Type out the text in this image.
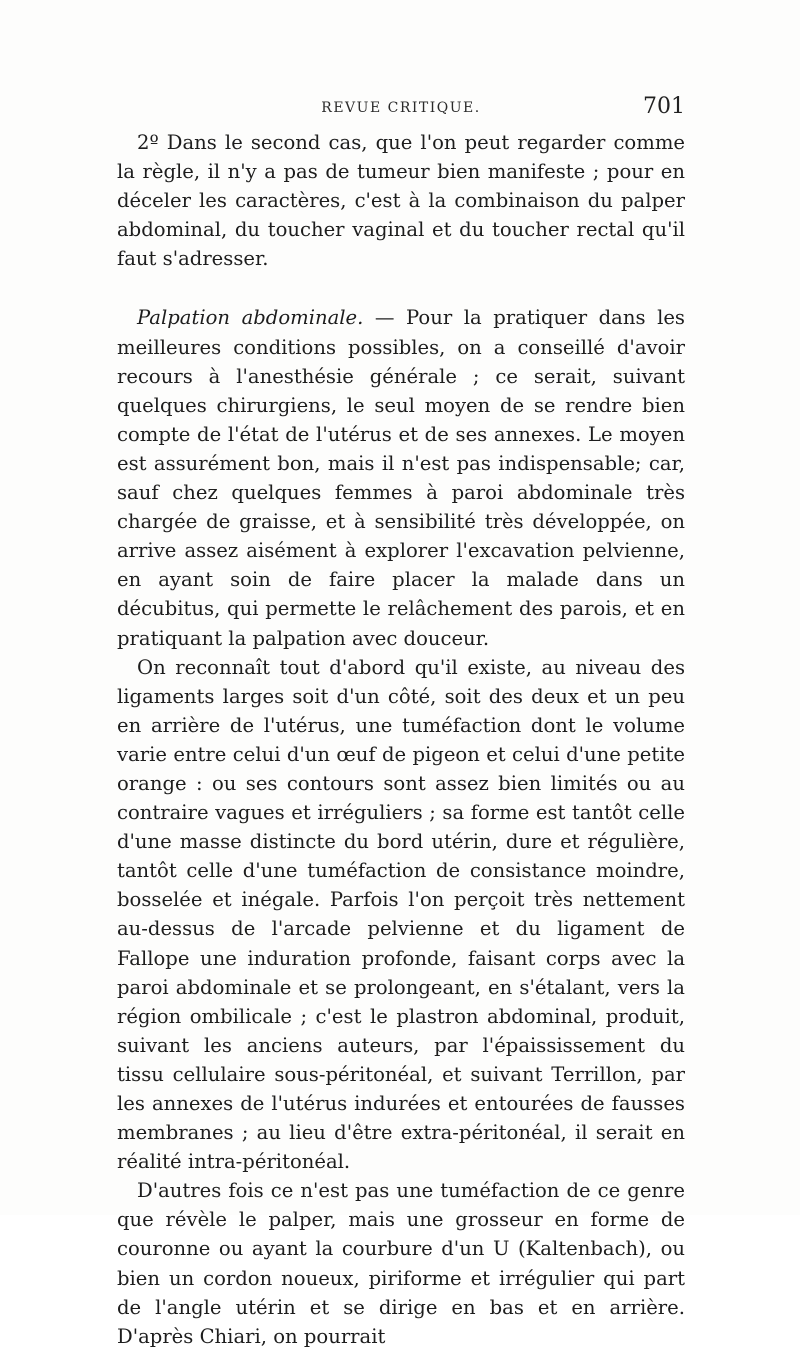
REVUE CRITIQUE.	701

2º Dans le second cas, que l'on peut regarder comme la règle, il n'y a pas de tumeur bien manifeste ; pour en déceler les caractères, c'est à la combinaison du palper abdominal, du toucher vaginal et du toucher rectal qu'il faut s'adresser.

Palpation abdominale. — Pour la pratiquer dans les meilleures conditions possibles, on a conseillé d'avoir recours à l'anesthésie générale ; ce serait, suivant quelques chirurgiens, le seul moyen de se rendre bien compte de l'état de l'utérus et de ses annexes. Le moyen est assurément bon, mais il n'est pas indispensable; car, sauf chez quelques femmes à paroi abdominale très chargée de graisse, et à sensibilité très développée, on arrive assez aisément à explorer l'excavation pelvienne, en ayant soin de faire placer la malade dans un décubitus, qui permette le relâchement des parois, et en pratiquant la palpation avec douceur.

On reconnaît tout d'abord qu'il existe, au niveau des ligaments larges soit d'un côté, soit des deux et un peu en arrière de l'utérus, une tuméfaction dont le volume varie entre celui d'un œuf de pigeon et celui d'une petite orange : ou ses contours sont assez bien limités ou au contraire vagues et irréguliers ; sa forme est tantôt celle d'une masse distincte du bord utérin, dure et régulière, tantôt celle d'une tuméfaction de consistance moindre, bosselée et inégale. Parfois l'on perçoit très nettement au-dessus de l'arcade pelvienne et du ligament de Fallope une induration profonde, faisant corps avec la paroi abdominale et se prolongeant, en s'étalant, vers la région ombilicale ; c'est le plastron abdominal, produit, suivant les anciens auteurs, par l'épaississement du tissu cellulaire sous-péritonéal, et suivant Terrillon, par les annexes de l'utérus indurées et entourées de fausses membranes ; au lieu d'être extra-péritonéal, il serait en réalité intra-péritonéal.

D'autres fois ce n'est pas une tuméfaction de ce genre que révèle le palper, mais une grosseur en forme de couronne ou ayant la courbure d'un U (Kaltenbach), ou bien un cordon noueux, piriforme et irrégulier qui part de l'angle utérin et se dirige en bas et en arrière. D'après Chiari, on pourrait
